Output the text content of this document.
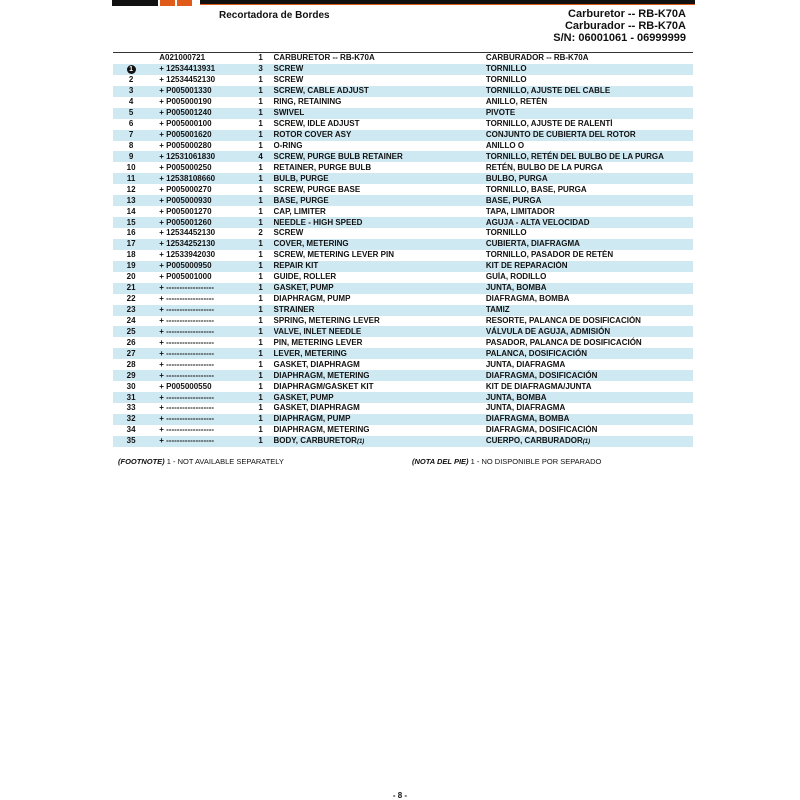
Recortadora de Bordes	Carburetor -- RB-K70A
Carburador -- RB-K70A
S/N: 06001061 - 06999999
	A021000721	1	CARBURETOR -- RB-K70A	CARBURADOR -- RB-K70A
1	+ 12534413931	3	SCREW	TORNILLO
2	+ 12534452130	1	SCREW	TORNILLO
3	+ P005001330	1	SCREW, CABLE ADJUST	TORNILLO, AJUSTE DEL CABLE
4	+ P005000190	1	RING, RETAINING	ANILLO, RETÉN
5	+ P005001240	1	SWIVEL	PIVOTE
6	+ P005000100	1	SCREW, IDLE ADJUST	TORNILLO, AJUSTE DE RALENTÍ
7	+ P005001620	1	ROTOR COVER ASY	CONJUNTO DE CUBIERTA DEL ROTOR
8	+ P005000280	1	O-RING	ANILLO O
9	+ 12531061830	4	SCREW, PURGE BULB RETAINER	TORNILLO, RETÉN DEL BULBO DE LA PURGA
10	+ P005000250	1	RETAINER, PURGE BULB	RETÉN, BULBO DE LA PURGA
11	+ 12538108660	1	BULB, PURGE	BULBO, PURGA
12	+ P005000270	1	SCREW, PURGE BASE	TORNILLO, BASE, PURGA
13	+ P005000930	1	BASE, PURGE	BASE, PURGA
14	+ P005001270	1	CAP, LIMITER	TAPA, LIMITADOR
15	+ P005001260	1	NEEDLE - HIGH SPEED	AGUJA - ALTA VELOCIDAD
16	+ 12534452130	2	SCREW	TORNILLO
17	+ 12534252130	1	COVER, METERING	CUBIERTA, DIAFRAGMA
18	+ 12533942030	1	SCREW, METERING LEVER PIN	TORNILLO, PASADOR DE RETÉN
19	+ P005000950	1	REPAIR KIT	KIT DE REPARACIÓN
20	+ P005001000	1	GUIDE, ROLLER	GUÍA, RODILLO
21	+ ------------------	1	GASKET, PUMP	JUNTA, BOMBA
22	+ ------------------	1	DIAPHRAGM, PUMP	DIAFRAGMA, BOMBA
23	+ ------------------	1	STRAINER	TAMIZ
24	+ ------------------	1	SPRING, METERING LEVER	RESORTE, PALANCA DE DOSIFICACIÓN
25	+ ------------------	1	VALVE, INLET NEEDLE	VÁLVULA DE AGUJA, ADMISIÓN
26	+ ------------------	1	PIN, METERING LEVER	PASADOR, PALANCA DE DOSIFICACIÓN
27	+ ------------------	1	LEVER, METERING	PALANCA, DOSIFICACIÓN
28	+ ------------------	1	GASKET, DIAPHRAGM	JUNTA, DIAFRAGMA
29	+ ------------------	1	DIAPHRAGM, METERING	DIAFRAGMA, DOSIFICACIÓN
30	+ P005000550	1	DIAPHRAGM/GASKET KIT	KIT DE DIAFRAGMA/JUNTA
31	+ ------------------	1	GASKET, PUMP	JUNTA, BOMBA
33	+ ------------------	1	GASKET, DIAPHRAGM	JUNTA, DIAFRAGMA
32	+ ------------------	1	DIAPHRAGM, PUMP	DIAFRAGMA, BOMBA
34	+ ------------------	1	DIAPHRAGM, METERING	DIAFRAGMA, DOSIFICACIÓN
35	+ ------------------	1	BODY, CARBURETOR(1)	CUERPO, CARBURADOR(1)
(FOOTNOTE) 1 - NOT AVAILABLE SEPARATELY	(NOTA DEL PIE) 1 - NO DISPONIBLE POR SEPARADO
- 8 -
